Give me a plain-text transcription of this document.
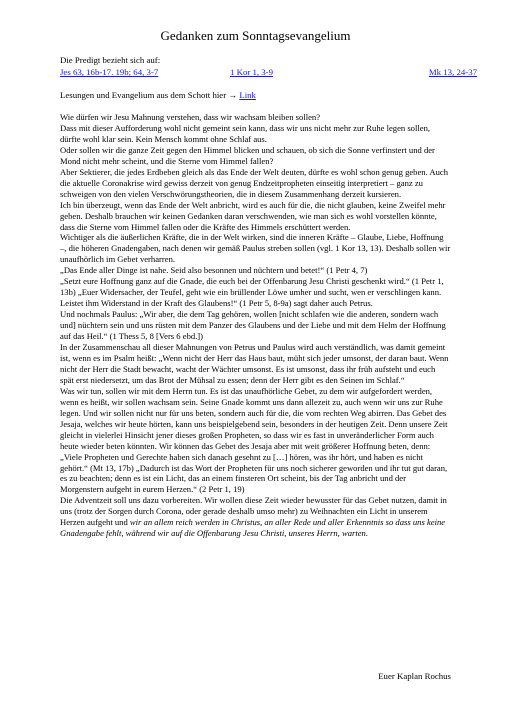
Gedanken zum Sonntagsevangelium
Die Predigt bezieht sich auf:
Jes 63, 16b-17. 19b; 64, 3-7	1 Kor 1, 3-9	Mk 13, 24-37
Lesungen und Evangelium aus dem Schott hier → Link

Wie dürfen wir Jesu Mahnung verstehen, dass wir wachsam bleiben sollen?

Dass mit dieser Aufforderung wohl nicht gemeint sein kann, dass wir uns nicht mehr zur Ruhe legen sollen, dürfte wohl klar sein. Kein Mensch kommt ohne Schlaf aus.

Oder sollen wir die ganze Zeit gegen den Himmel blicken und schauen, ob sich die Sonne verfinstert und der Mond nicht mehr scheint, und die Sterne vom Himmel fallen?

Aber Sektierer, die jedes Erdbeben gleich als das Ende der Welt deuten, dürfte es wohl schon genug geben. Auch die aktuelle Coronakrise wird gewiss derzeit von genug Endzeitpropheten einseitig interpretiert – ganz zu schweigen von den vielen Verschwörungstheorien, die in diesem Zusammenhang derzeit kursieren.

Ich bin überzeugt, wenn das Ende der Welt anbricht, wird es auch für die, die nicht glauben, keine Zweifel mehr geben. Deshalb brauchen wir keinen Gedanken daran verschwenden, wie man sich es wohl vorstellen könnte, dass die Sterne vom Himmel fallen oder die Kräfte des Himmels erschüttert werden.

Wichtiger als die äußerlichen Kräfte, die in der Welt wirken, sind die inneren Kräfte – Glaube, Liebe, Hoffnung –, die höheren Gnadengaben, nach denen wir gemäß Paulus streben sollen (vgl. 1 Kor 13, 13). Deshalb sollen wir unaufhörlich im Gebet verharren.

„Das Ende aller Dinge ist nahe. Seid also besonnen und nüchtern und betet!“ (1 Petr 4, 7)

„Setzt eure Hoffnung ganz auf die Gnade, die euch bei der Offenbarung Jesu Christi geschenkt wird.“ (1 Petr 1, 13b) „Euer Widersacher, der Teufel, geht wie ein brüllender Löwe umher und sucht, wen er verschlingen kann. Leistet ihm Widerstand in der Kraft des Glaubens!“ (1 Petr 5, 8-9a) sagt daher auch Petrus.

Und nochmals Paulus: „Wir aber, die dem Tag gehören, wollen [nicht schlafen wie die anderen, sondern wach und] nüchtern sein und uns rüsten mit dem Panzer des Glaubens und der Liebe und mit dem Helm der Hoffnung auf das Heil.“ (1 Thess 5, 8 [Vers 6 ebd.])

In der Zusammenschau all dieser Mahnungen von Petrus und Paulus wird auch verständlich, was damit gemeint ist, wenn es im Psalm heißt: „Wenn nicht der Herr das Haus baut, müht sich jeder umsonst, der daran baut. Wenn nicht der Herr die Stadt bewacht, wacht der Wächter umsonst. Es ist umsonst, dass ihr früh aufsteht und euch spät erst niedersetzt, um das Brot der Mühsal zu essen; denn der Herr gibt es den Seinen im Schlaf.“

Was wir tun, sollen wir mit dem Herrn tun. Es ist das unaufhörliche Gebet, zu dem wir aufgefordert werden, wenn es heißt, wir sollen wachsam sein. Seine Gnade kommt uns dann allezeit zu, auch wenn wir uns zur Ruhe legen. Und wir sollen nicht nur für uns beten, sondern auch für die, die vom rechten Weg abirren. Das Gebet des Jesaja, welches wir heute hörten, kann uns beispielgebend sein, besonders in der heutigen Zeit. Denn unsere Zeit gleicht in vielerlei Hinsicht jener dieses großen Propheten, so dass wir es fast in unveränderlicher Form auch heute wieder beten könnten. Wir können das Gebet des Jesaja aber mit weit größerer Hoffnung beten, denn:

„Viele Propheten und Gerechte haben sich danach gesehnt zu […] hören, was ihr hört, und haben es nicht gehört.“ (Mt 13, 17b) „Dadurch ist das Wort der Propheten für uns noch sicherer geworden und ihr tut gut daran, es zu beachten; denn es ist ein Licht, das an einem finsteren Ort scheint, bis der Tag anbricht und der Morgenstern aufgeht in eurem Herzen.“ (2 Petr 1, 19)

Die Adventzeit soll uns dazu vorbereiten. Wir wollen diese Zeit wieder bewusster für das Gebet nutzen, damit in uns (trotz der Sorgen durch Corona, oder gerade deshalb umso mehr) zu Weihnachten ein Licht in unserem Herzen aufgeht und wir an allem reich werden in Christus, an aller Rede und aller Erkenntnis so dass uns keine Gnadengabe fehlt, während wir auf die Offenbarung Jesu Christi, unseres Herrn, warten.

Euer Kaplan Rochus
